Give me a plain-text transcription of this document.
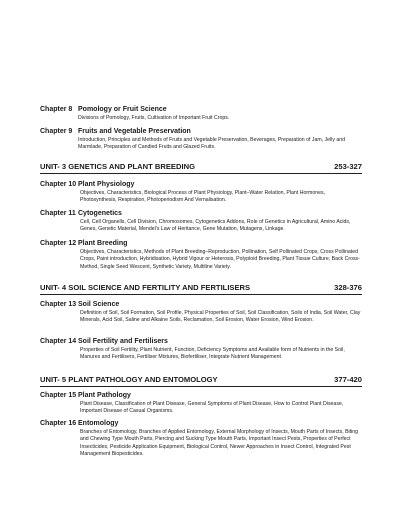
Chapter 8 Pomology or Fruit Science
Divisions of Pomology, Fruits, Cultivation of Important Fruit Crops.
Chapter 9 Fruits and Vegetable Preservation
Introduction, Principles and Methods of Fruits and Vegetable Preservation, Beverages, Preparation of Jam, Jelly and Marmlade, Preparation of Candied Fruits and Glazed Fruits.
UNIT- 3 GENETICS AND PLANT BREEDING	253-327
Chapter 10 Plant Physiology
Objectives, Characteristics, Biological Process of Plant Physiology, Plant–Water Relation, Plant Hormones, Photosynthesis, Respiration, Photoperiodism And Vernalisation.
Chapter 11 Cytogenetics
Cell, Cell Organells, Cell Division, Chromosomes, Cytogenetics Addons, Role of Genetics in Agricultural, Amino Acids, Genes, Genetic Material, Mendel's Law of Heritance, Gene Mutation, Mutagens, Linkage.
Chapter 12 Plant Breeding
Objectives, Characteristics, Methods of Plant Breeding–Reproduction, Pollination, Self Pollinated Crops, Cross Pollinated Crops, Paint introduction, Hybridisation, Hybrid Vigour or Heterosis, Polyploid Breeding, Plant Tissue Culture, Back Cross-Method, Single Seed Wescent, Synthetic Variety, Multiline Variety.
UNIT- 4 SOIL SCIENCE AND FERTILITY AND FERTILISERS	328-376
Chapter 13 Soil Science
Definition of Soil, Soil Formation, Soil Profile, Physical Properties of Soil, Soil Classification, Soils of India, Soil Water, Clay Minerals, Acid Soil, Saline and Alkaine Soils, Reclamation, Soil Erosion, Water Erosion, Wind Erosion.
Chapter 14 Soil Fertility and Fertilisers
Properties of Soil Fertility, Plant Nutrient, Function, Deficiency Symptoms and Available form of Nutrients in the Soil, Manures and Fertilisers, Fertiliser Mixtures, Biofertiliser, Integrate Nutrient Management
UNIT- 5 PLANT PATHOLOGY AND ENTOMOLOGY	377-420
Chapter 15 Plant Pathology
Plant Disease, Classification of Plant Disease, General Symptoms of Plant Disease, How to Control Plant Disease, Important Disease of Casual Organisms.
Chapter 16 Entomology
Branches of Entomology, Branches of Applied Entomology, External Morphology of Insects, Mouth Parts of Insects, Biting and Chewing Type Mouth Parts, Piercing and Sucking Type Mouth Parts, Important Insect Pests, Properties of Perfect Insecticides, Pesticide Application Equipment, Biological Control, Newer Approaches in Insect Control, Integrated Pest Management Biopesticides.
